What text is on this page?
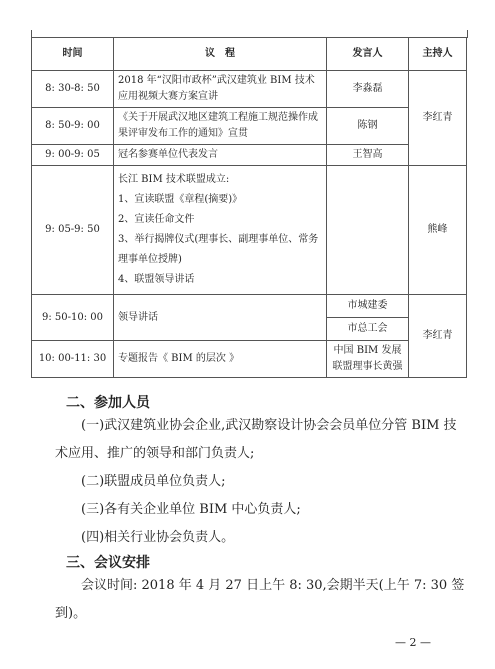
时间	议　程	发言人	主持人
8: 30-8: 50	2018 年“汉阳市政杯”武汉建筑业 BIM 技术应用视频大赛方案宣讲	李淼磊	李红青
8: 50-9: 00	《关于开展武汉地区建筑工程施工规范操作成果评审发布工作的通知》宣贯	陈钢	
9: 00-9: 05	冠名参赛单位代表发言	王智高	
9: 05-9: 50	长江 BIM 技术联盟成立:
1、宣读联盟《章程(摘要)》
2、宣读任命文件
3、举行揭牌仪式(理事长、副理事单位、常务理事单位授牌)
4、联盟领导讲话		熊峰
9: 50-10: 00	领导讲话	市城建委
市总工会	李红青
10: 00-11: 30	专题报告《 BIM 的层次 》	中国 BIM 发展联盟理事长黄强	
二、参加人员
(一)武汉建筑业协会企业,武汉勘察设计协会会员单位分管 BIM 技术应用、推广的领导和部门负责人;
(二)联盟成员单位负责人;
(三)各有关企业单位 BIM 中心负责人;
(四)相关行业协会负责人。
三、会议安排
会议时间: 2018 年 4 月 27 日上午 8: 30,会期半天(上午 7: 30 签到)。
— 2 —
